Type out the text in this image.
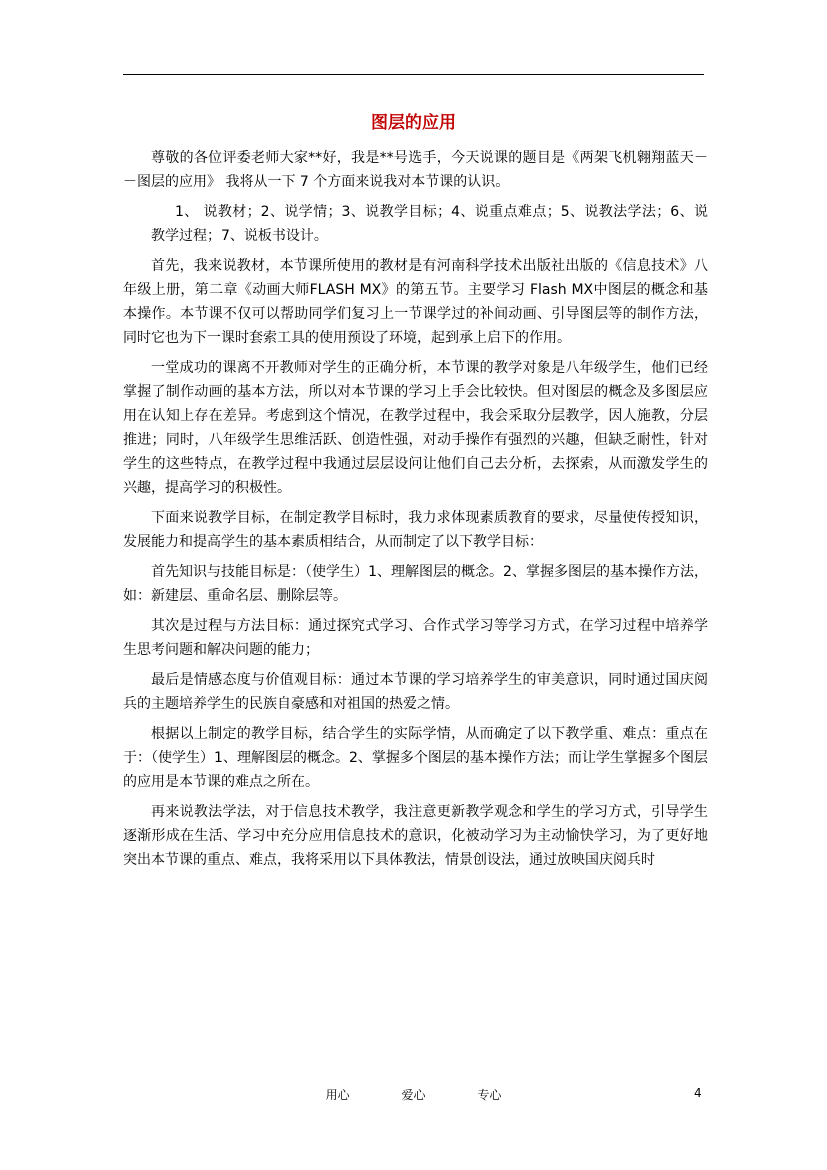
图层的应用

尊敬的各位评委老师大家**好，我是**号选手，今天说课的题目是《两架飞机翱翔蓝天－－图层的应用》 我将从一下 7 个方面来说我对本节课的认识。

1、 说教材；2、说学情；3、说教学目标；4、说重点难点；5、说教法学法；6、说教学过程；7、说板书设计。

首先，我来说教材，本节课所使用的教材是有河南科学技术出版社出版的《信息技术》八年级上册，第二章《动画大师FLASH MX》的第五节。主要学习 Flash MX中图层的概念和基本操作。本节课不仅可以帮助同学们复习上一节课学过的补间动画、引导图层等的制作方法，同时它也为下一课时套索工具的使用预设了环境，起到承上启下的作用。

一堂成功的课离不开教师对学生的正确分析，本节课的教学对象是八年级学生，他们已经掌握了制作动画的基本方法，所以对本节课的学习上手会比较快。但对图层的概念及多图层应用在认知上存在差异。考虑到这个情况，在教学过程中，我会采取分层教学，因人施教，分层推进；同时，八年级学生思维活跃、创造性强，对动手操作有强烈的兴趣，但缺乏耐性，针对学生的这些特点，在教学过程中我通过层层设问让他们自己去分析，去探索，从而激发学生的兴趣，提高学习的积极性。

下面来说教学目标，在制定教学目标时，我力求体现素质教育的要求，尽量使传授知识，发展能力和提高学生的基本素质相结合，从而制定了以下教学目标：

首先知识与技能目标是：（使学生）1、理解图层的概念。2、掌握多图层的基本操作方法，如：新建层、重命名层、删除层等。

其次是过程与方法目标：通过探究式学习、合作式学习等学习方式，在学习过程中培养学生思考问题和解决问题的能力；

最后是情感态度与价值观目标：通过本节课的学习培养学生的审美意识，同时通过国庆阅兵的主题培养学生的民族自豪感和对祖国的热爱之情。

根据以上制定的教学目标，结合学生的实际学情，从而确定了以下教学重、难点：重点在于：（使学生）1、理解图层的概念。2、掌握多个图层的基本操作方法；而让学生掌握多个图层的应用是本节课的难点之所在。

再来说教法学法，对于信息技术教学，我注意更新教学观念和学生的学习方式，引导学生逐渐形成在生活、学习中充分应用信息技术的意识，化被动学习为主动愉快学习，为了更好地突出本节课的重点、难点，我将采用以下具体教法，情景创设法，通过放映国庆阅兵时

用心	爱心	专心	4
